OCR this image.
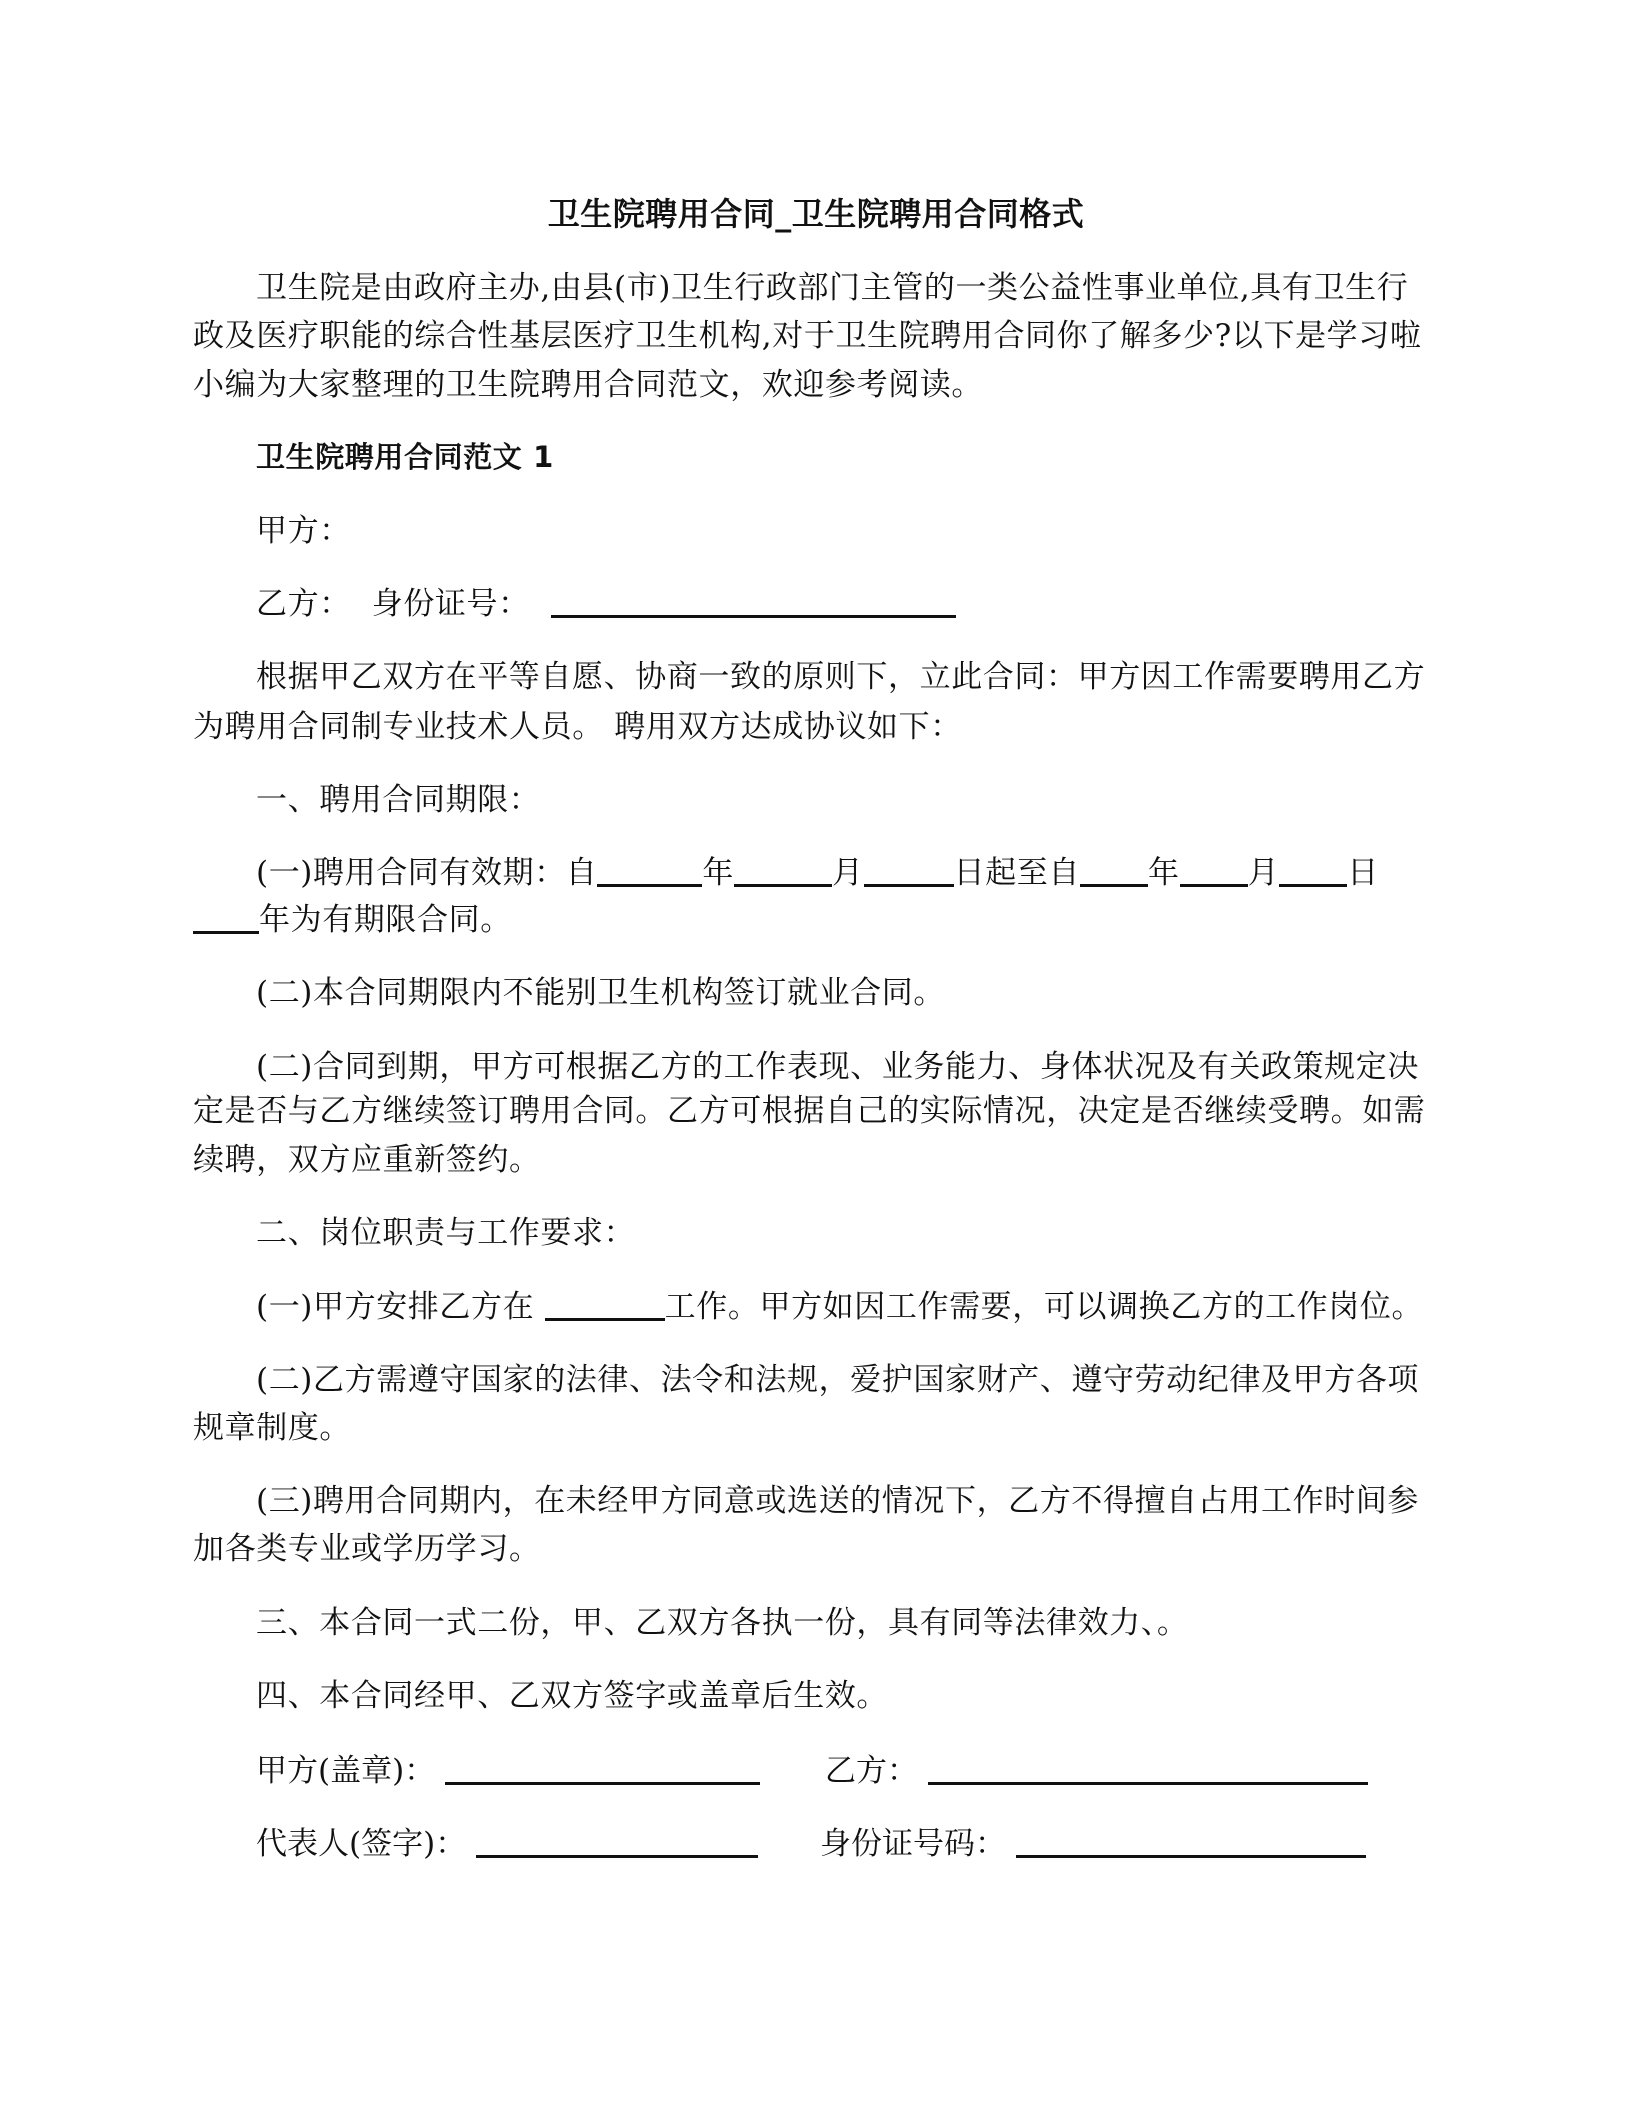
卫生院聘用合同_卫生院聘用合同格式
卫生院是由政府主办,由县(市)卫生行政部门主管的一类公益性事业单位,具有卫生行
政及医疗职能的综合性基层医疗卫生机构,对于卫生院聘用合同你了解多少?以下是学习啦
小编为大家整理的卫生院聘用合同范文，欢迎参考阅读。
卫生院聘用合同范文 1
甲方：
乙方： 身份证号：
根据甲乙双方在平等自愿、协商一致的原则下，立此合同：甲方因工作需要聘用乙方
为聘用合同制专业技术人员。 聘用双方达成协议如下：
一、聘用合同期限：
(一)聘用合同有效期：自	年	月	日起至自 年 月 日
年为有期限合同。
(二)本合同期限内不能别卫生机构签订就业合同。
(二)合同到期，甲方可根据乙方的工作表现、业务能力、身体状况及有关政策规定决
定是否与乙方继续签订聘用合同。乙方可根据自己的实际情况，决定是否继续受聘。如需
续聘，双方应重新签约。
二、岗位职责与工作要求：
(一)甲方安排乙方在	工作。甲方如因工作需要，可以调换乙方的工作岗位。
(二)乙方需遵守国家的法律、法令和法规，爱护国家财产、遵守劳动纪律及甲方各项
规章制度。
(三)聘用合同期内，在未经甲方同意或选送的情况下，乙方不得擅自占用工作时间参
加各类专业或学历学习。
三、本合同一式二份，甲、乙双方各执一份，具有同等法律效力、。
四、本合同经甲、乙双方签字或盖章后生效。
甲方(盖章)：	乙方：
代表人(签字)：	身份证号码：
